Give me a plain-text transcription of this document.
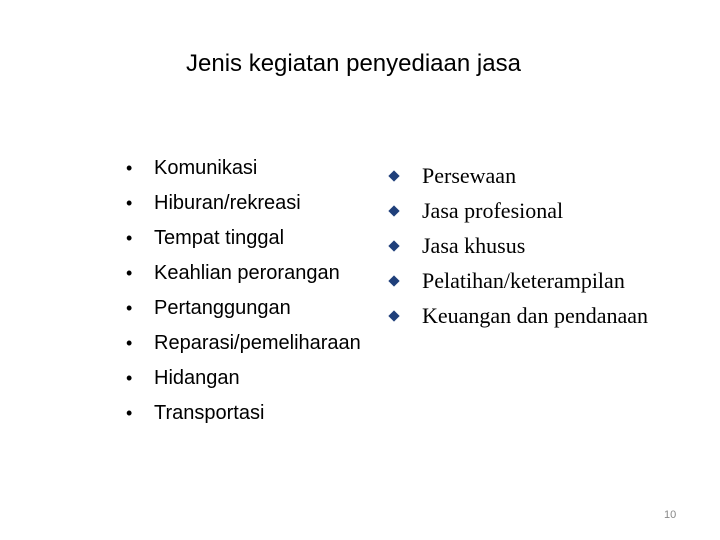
Jenis kegiatan penyediaan jasa
•	Komunikasi
•	Hiburan/rekreasi
•	Tempat tinggal
•	Keahlian perorangan
•	Pertanggungan
•	Reparasi/pemeliharaan
•	Hidangan
•	Transportasi
Persewaan
Jasa profesional
Jasa khusus
Pelatihan/keterampilan
Keuangan dan pendanaan
10
